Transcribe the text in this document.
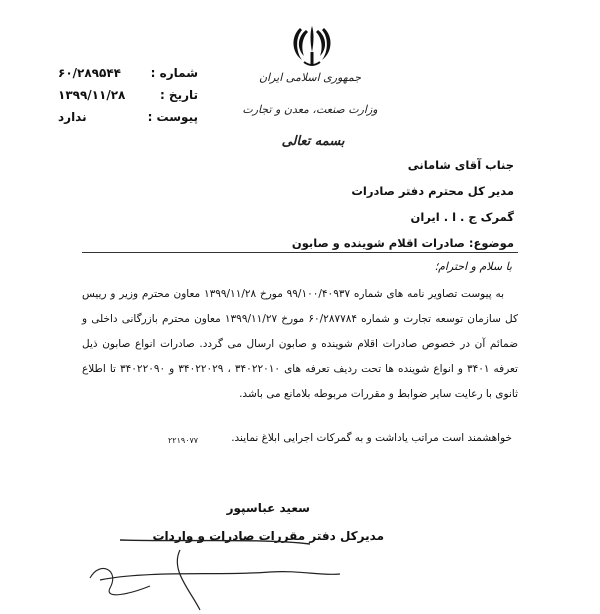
شماره :
۶۰/۲۸۹۵۴۴
تاریخ :
۱۳۹۹/۱۱/۲۸
پیوست :
ندارد
جمهوری اسلامی ایران
وزارت صنعت، معدن و تجارت
بسمه تعالی
جناب آقای شامانی
مدیر کل محترم دفتر صادرات
گمرک ج . ا . ایران
موضوع: صادرات اقلام شوینده و صابون
با سلام و احترام؛

به پیوست تصاویر نامه های شماره ۹۹/۱۰۰/۴۰۹۳۷ مورخ ۱۳۹۹/۱۱/۲۸ معاون محترم وزیر و رییس کل سازمان توسعه تجارت و شماره ۶۰/۲۸۷۷۸۴ مورخ ۱۳۹۹/۱۱/۲۷ معاون محترم بازرگانی داخلی و ضمائم آن در خصوص صادرات اقلام شوینده و صابون ارسال می گردد. صادرات انواع صابون ذیل تعرفه ۳۴۰۱ و انواع شوینده ها تحت ردیف تعرفه های ۳۴۰۲۲۰۱۰ ، ۳۴۰۲۲۰۲۹ و ۳۴۰۲۲۰۹۰ تا اطلاع ثانوی با رعایت سایر ضوابط و مقررات مربوطه بلامانع می باشد.

خواهشمند است مراتب یاداشت و به گمرکات اجرایی ابلاغ نمایند.
۲۲۱۹۰۷۷
سعید عباسپور
مدیرکل دفتر مقررات صادرات و واردات
